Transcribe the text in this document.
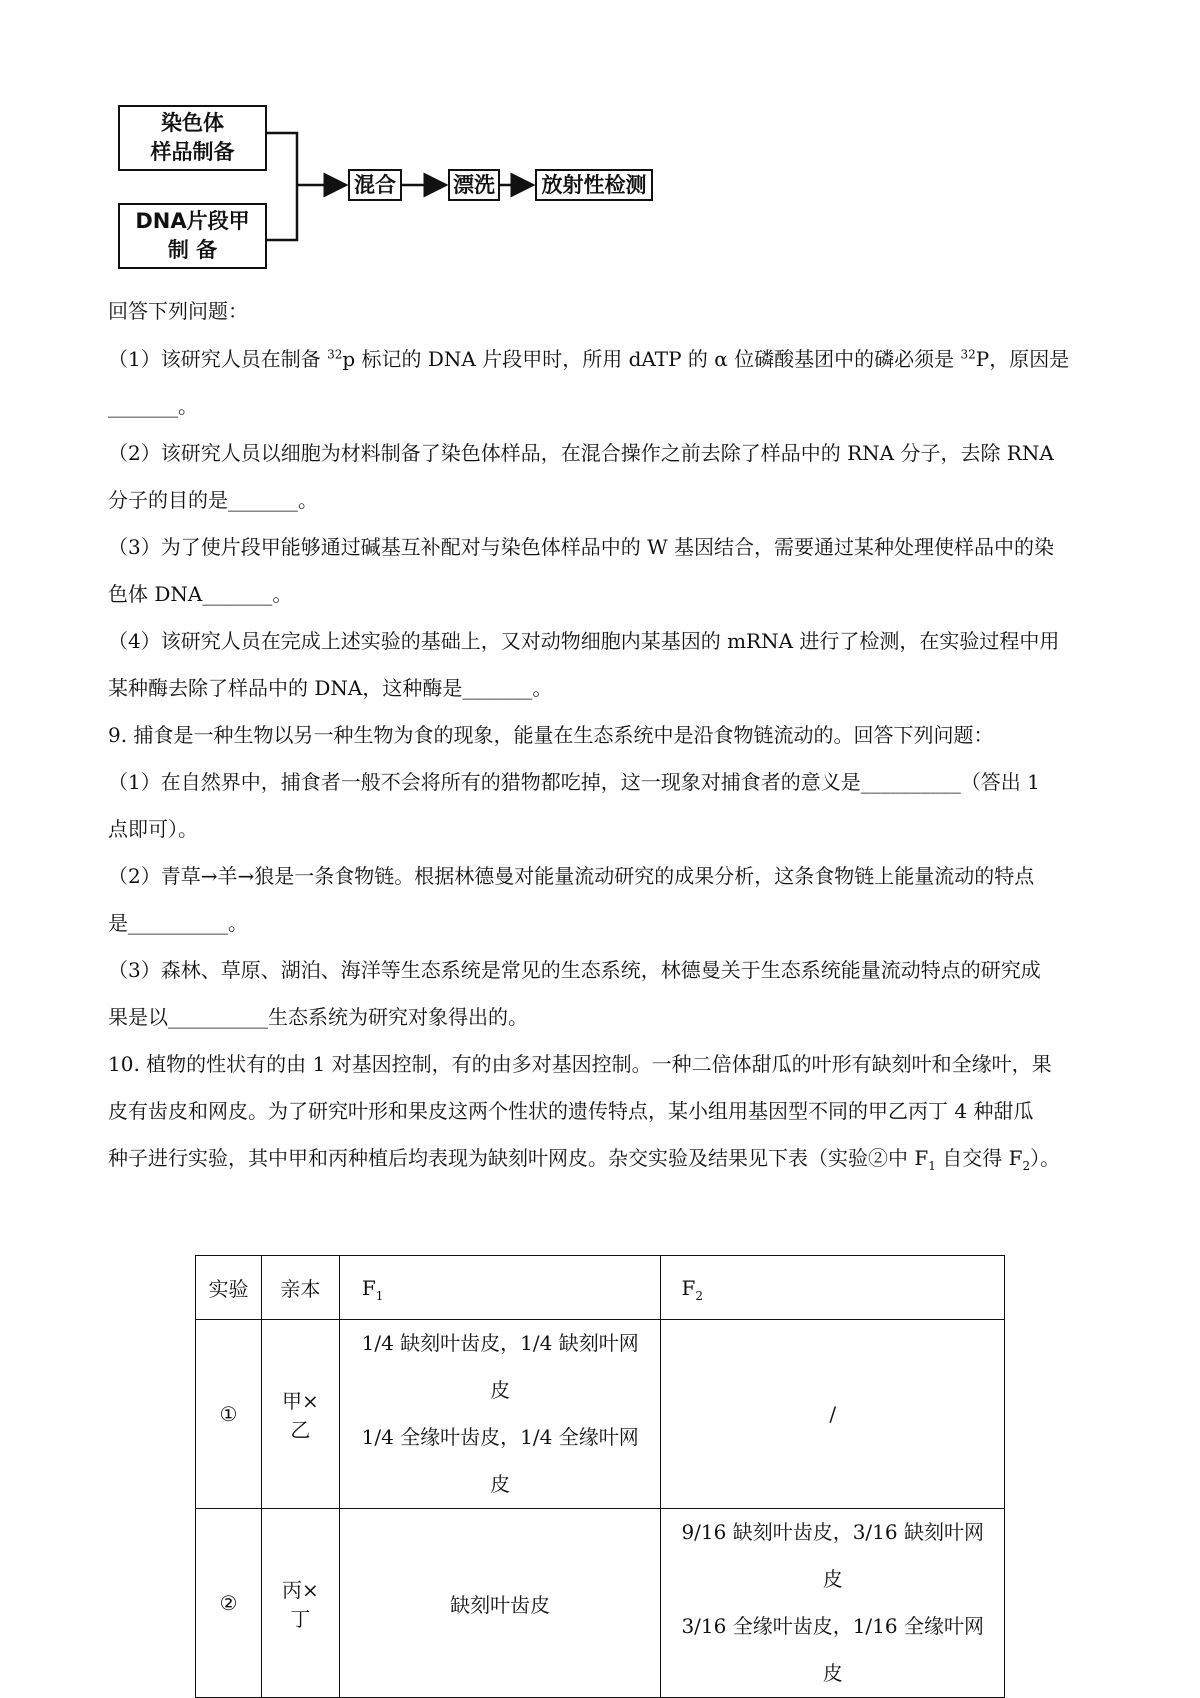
染色体
样品制备
DNA片段甲
制 备
混合	漂洗 放射性检测
回答下列问题：
（1）该研究人员在制备 $^{32}$p 标记的 DNA 片段甲时，所用 dATP 的 α 位磷酸基团中的磷必须是 $^{32}$P，原因是
_______。
（2）该研究人员以细胞为材料制备了染色体样品，在混合操作之前去除了样品中的 RNA 分子，去除 RNA
分子的目的是_______。
（3）为了使片段甲能够通过碱基互补配对与染色体样品中的 W 基因结合，需要通过某种处理使样品中的染
色体 DNA_______。
（4）该研究人员在完成上述实验的基础上，又对动物细胞内某基因的 mRNA 进行了检测，在实验过程中用
某种酶去除了样品中的 DNA，这种酶是_______。
9. 捕食是一种生物以另一种生物为食的现象，能量在生态系统中是沿食物链流动的。回答下列问题：
（1）在自然界中，捕食者一般不会将所有的猎物都吃掉，这一现象对捕食者的意义是__________（答出 1
点即可）。
（2）青草→羊→狼是一条食物链。根据林德曼对能量流动研究的成果分析，这条食物链上能量流动的特点
是__________。
（3）森林、草原、湖泊、海洋等生态系统是常见的生态系统，林德曼关于生态系统能量流动特点的研究成
果是以__________生态系统为研究对象得出的。
10. 植物的性状有的由 1 对基因控制，有的由多对基因控制。一种二倍体甜瓜的叶形有缺刻叶和全缘叶，果
皮有齿皮和网皮。为了研究叶形和果皮这两个性状的遗传特点，某小组用基因型不同的甲乙丙丁 4 种甜瓜
种子进行实验，其中甲和丙种植后均表现为缺刻叶网皮。杂交实验及结果见下表（实验②中 $F_1$ 自交得 $F_2$）。
实验	亲本	$F_1$	$F_2$
①	甲×乙	1/4 缺刻叶齿皮，1/4 缺刻叶网皮
1/4 全缘叶齿皮，1/4 全缘叶网皮	/
②	丙×丁	缺刻叶齿皮	9/16 缺刻叶齿皮，3/16 缺刻叶网皮
3/16 全缘叶齿皮，1/16 全缘叶网皮
